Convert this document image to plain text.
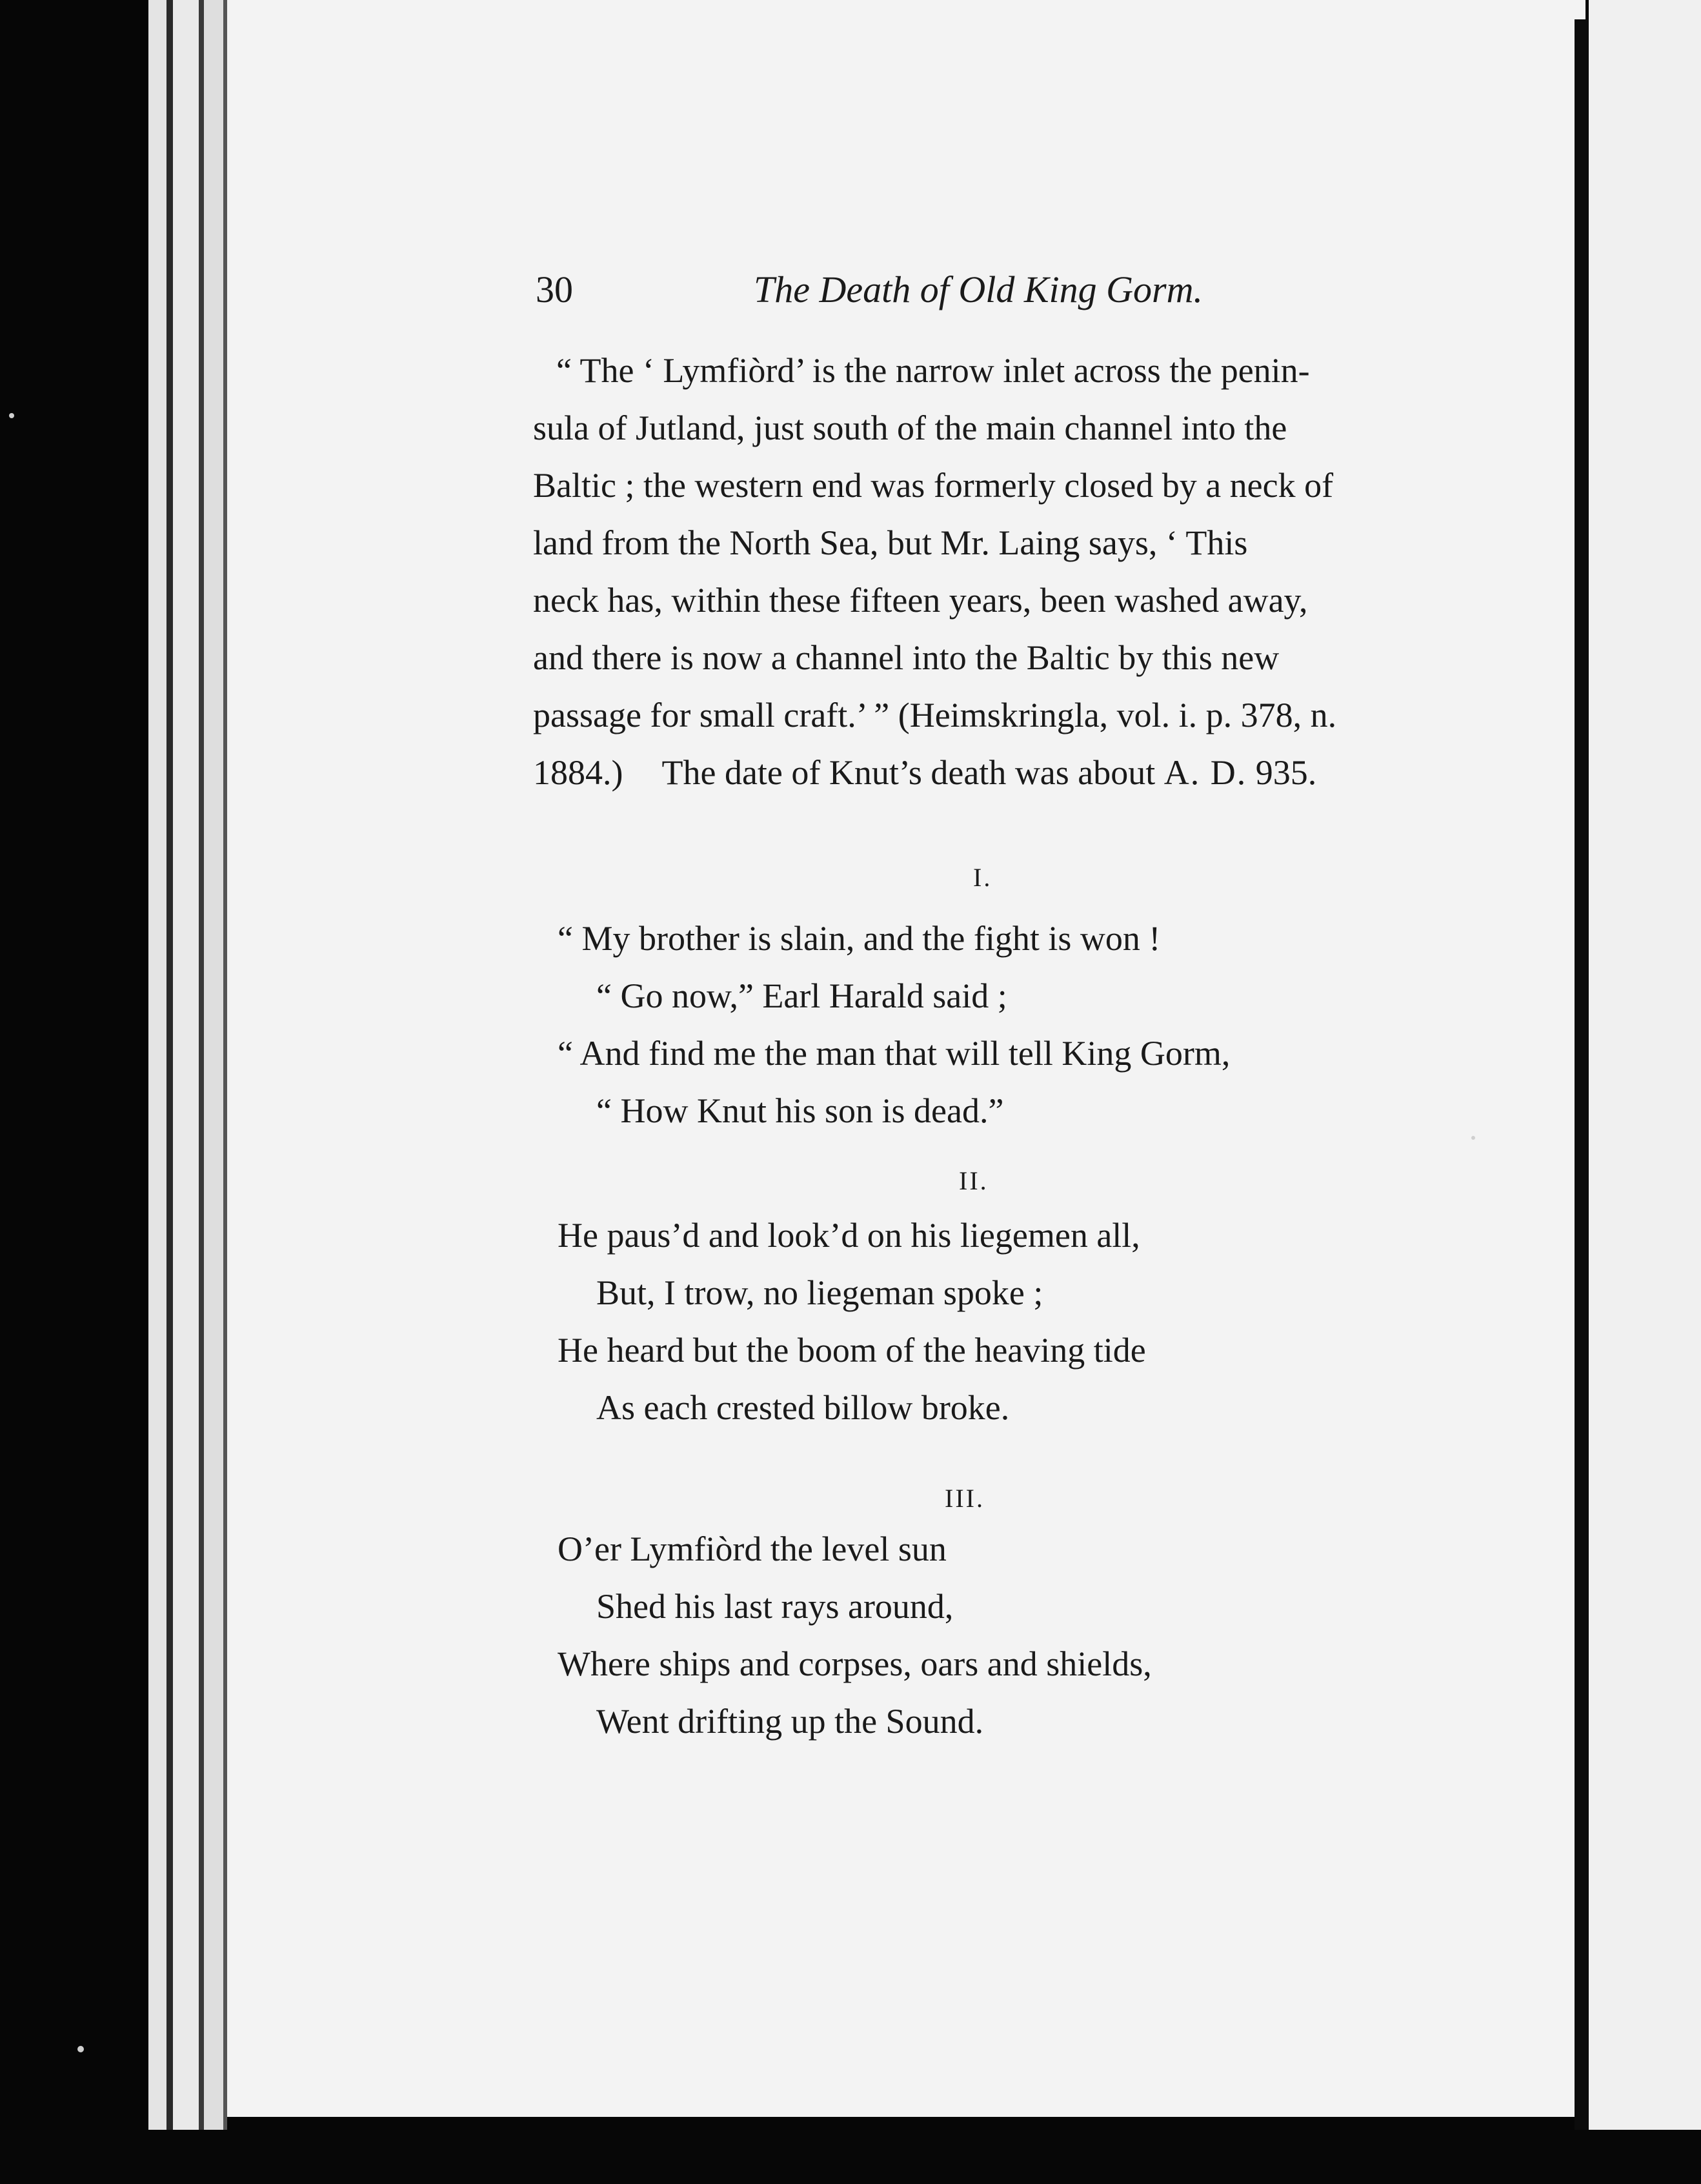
30	The Death of Old King Gorm.
“ The ‘ Lymfiòrd’ is the narrow inlet across the penin-
sula of Jutland, just south of the main channel into the
Baltic ; the western end was formerly closed by a neck of
land from the North Sea, but Mr. Laing says, ‘ This
neck has, within these fifteen years, been washed away,
and there is now a channel into the Baltic by this new
passage for small craft.’ ” (Heimskringla, vol. i. p. 378, n.
1884.) The date of Knut’s death was about A. D. 935.
I.
“ My brother is slain, and the fight is won !
“ Go now,” Earl Harald said ;
“ And find me the man that will tell King Gorm,
“ How Knut his son is dead.”
II.
He paus’d and look’d on his liegemen all,
But, I trow, no liegeman spoke ;
He heard but the boom of the heaving tide
As each crested billow broke.
III.
O’er Lymfiòrd the level sun
Shed his last rays around,
Where ships and corpses, oars and shields,
Went drifting up the Sound.
